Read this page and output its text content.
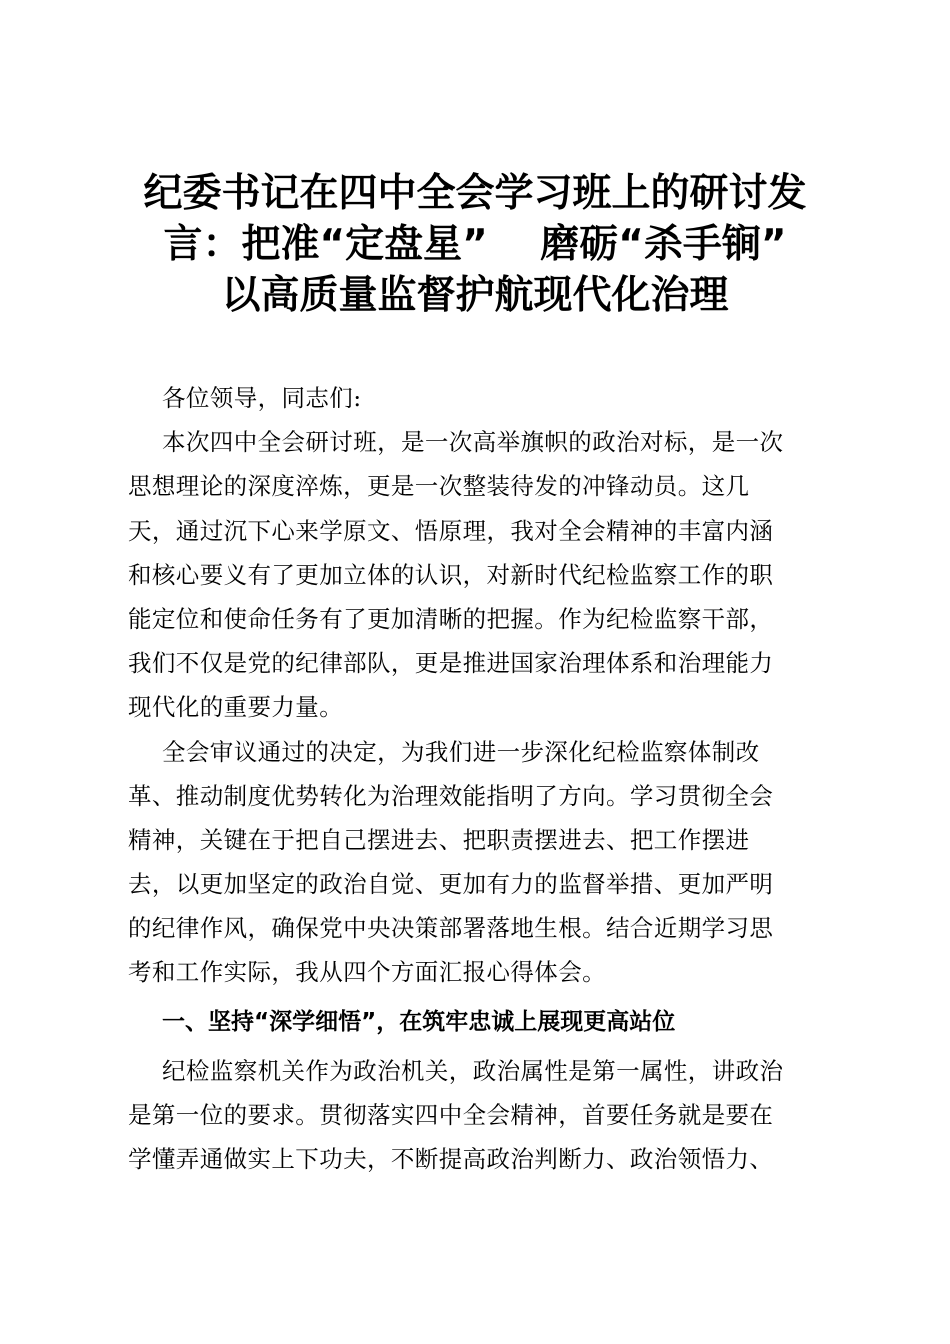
纪委书记在四中全会学习班上的研讨发
言：把准“定盘星”　 磨砺“杀手锏”
以高质量监督护航现代化治理
各位领导，同志们:
本次四中全会研讨班，是一次高举旗帜的政治对标，是一次
思想理论的深度淬炼，更是一次整装待发的冲锋动员。这几
天，通过沉下心来学原文、悟原理，我对全会精神的丰富内涵
和核心要义有了更加立体的认识，对新时代纪检监察工作的职
能定位和使命任务有了更加清晰的把握。作为纪检监察干部，
我们不仅是党的纪律部队，更是推进国家治理体系和治理能力
现代化的重要力量。
全会审议通过的决定，为我们进一步深化纪检监察体制改
革、推动制度优势转化为治理效能指明了方向。学习贯彻全会
精神，关键在于把自己摆进去、把职责摆进去、把工作摆进
去，以更加坚定的政治自觉、更加有力的监督举措、更加严明
的纪律作风，确保党中央决策部署落地生根。结合近期学习思
考和工作实际，我从四个方面汇报心得体会。
一、坚持“深学细悟”，在筑牢忠诚上展现更高站位
纪检监察机关作为政治机关，政治属性是第一属性，讲政治
是第一位的要求。贯彻落实四中全会精神，首要任务就是要在
学懂弄通做实上下功夫，不断提高政治判断力、政治领悟力、
